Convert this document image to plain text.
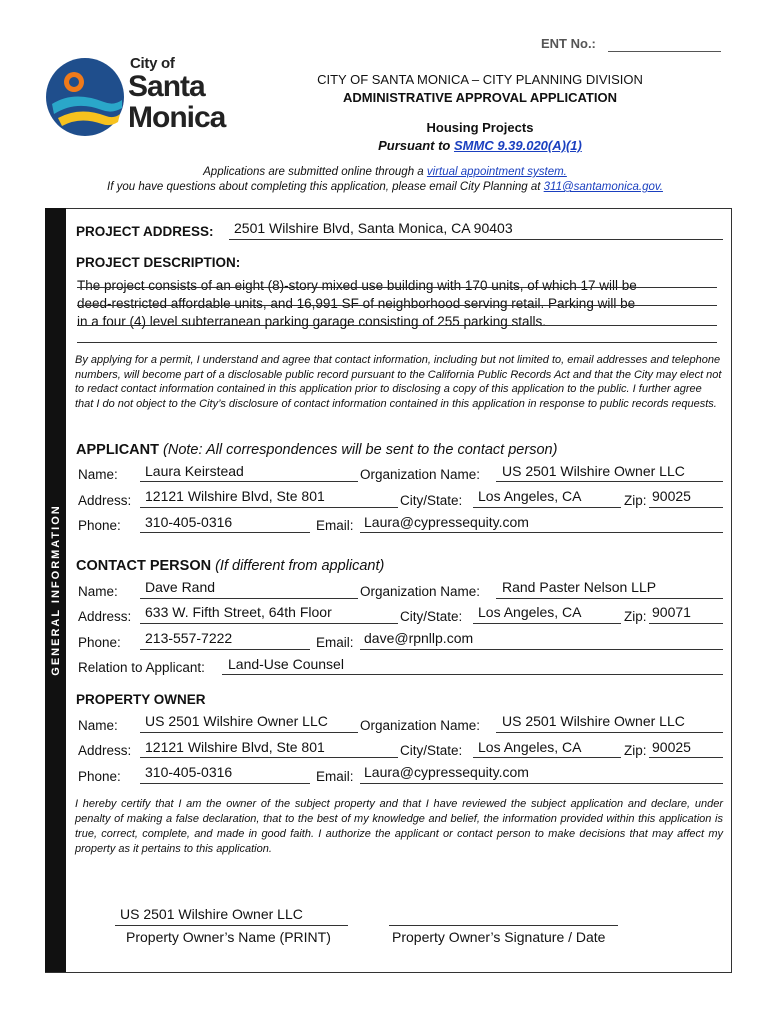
ENT No.:
City of
Santa
Monica
CITY OF SANTA MONICA – CITY PLANNING DIVISION
ADMINISTRATIVE APPROVAL APPLICATION
Housing Projects
Pursuant to SMMC 9.39.020(A)(1)
Applications are submitted online through a virtual appointment system.
If you have questions about completing this application, please email City Planning at 311@santamonica.gov.
GENERAL INFORMATION
PROJECT ADDRESS: 2501 Wilshire Blvd, Santa Monica, CA 90403
PROJECT DESCRIPTION:
The project consists of an eight (8)-story mixed use building with 170 units, of which 17 will be
deed-restricted affordable units, and 16,991 SF of neighborhood serving retail. Parking will be
in a four (4) level subterranean parking garage consisting of 255 parking stalls.
By applying for a permit, I understand and agree that contact information, including but not limited to, email addresses and telephone numbers, will become part of a disclosable public record pursuant to the California Public Records Act and that the City may elect not to redact contact information contained in this application prior to disclosing a copy of this application to the public. I further agree that I do not object to the City’s disclosure of contact information contained in this application in response to public records requests.
APPLICANT (Note: All correspondences will be sent to the contact person)
Name: Laura Keirstead	Organization Name: US 2501 Wilshire Owner LLC
Address: 12121 Wilshire Blvd, Ste 801	City/State: Los Angeles, CA	Zip: 90025
Phone: 310-405-0316	Email: Laura@cypressequity.com
CONTACT PERSON (If different from applicant)
Name: Dave Rand	Organization Name: Rand Paster Nelson LLP
Address: 633 W. Fifth Street, 64th Floor	City/State: Los Angeles, CA	Zip: 90071
Phone: 213-557-7222	Email: dave@rpnllp.com
Relation to Applicant: Land-Use Counsel
PROPERTY OWNER
Name: US 2501 Wilshire Owner LLC Organization Name: US 2501 Wilshire Owner LLC
Address: 12121 Wilshire Blvd, Ste 801	City/State: Los Angeles, CA	Zip: 90025
Phone: 310-405-0316	Email: Laura@cypressequity.com
I hereby certify that I am the owner of the subject property and that I have reviewed the subject application and declare, under penalty of making a false declaration, that to the best of my knowledge and belief, the information provided within this application is true, correct, complete, and made in good faith. I authorize the applicant or contact person to make decisions that may affect my property as it pertains to this application.
US 2501 Wilshire Owner LLC
Property Owner’s Name (PRINT)	Property Owner’s Signature / Date
